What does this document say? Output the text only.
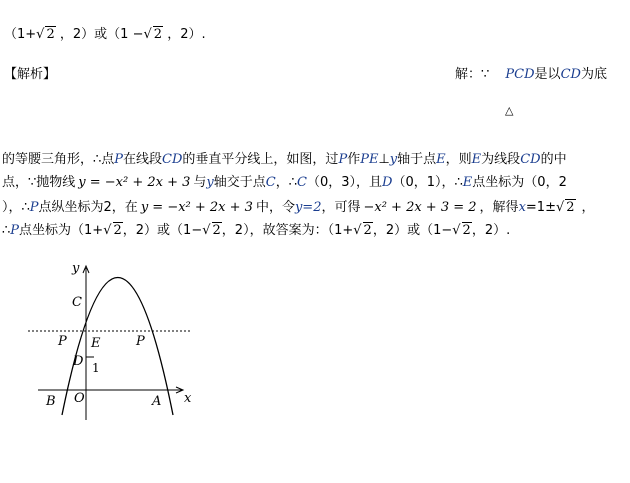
（1+√ 2 ，2）或（1 −√ 2 ，2）.
【解析】	解：∵ PCD是以CD为底
△
的等腰三角形，∴点P在线段CD的垂直平分线上，如图，过P作PE⊥y轴于点E，则E为线段CD的中
点，∵抛物线 y = −x² + 2x + 3 与y轴交于点C，∴C（0，3），且D（0，1），∴E点坐标为（0，2
），∴P点纵坐标为2，在 y = −x² + 2x + 3 中，令y=2，可得 −x² + 2x + 3 = 2 ，解得x=1±√ 2 ，
∴P点坐标为（1+√ 2，2）或（1−√ 2，2），故答案为：（1+√ 2，2）或（1−√ 2，2）.
y
x
C
P	P
E
D 1
B O	A
